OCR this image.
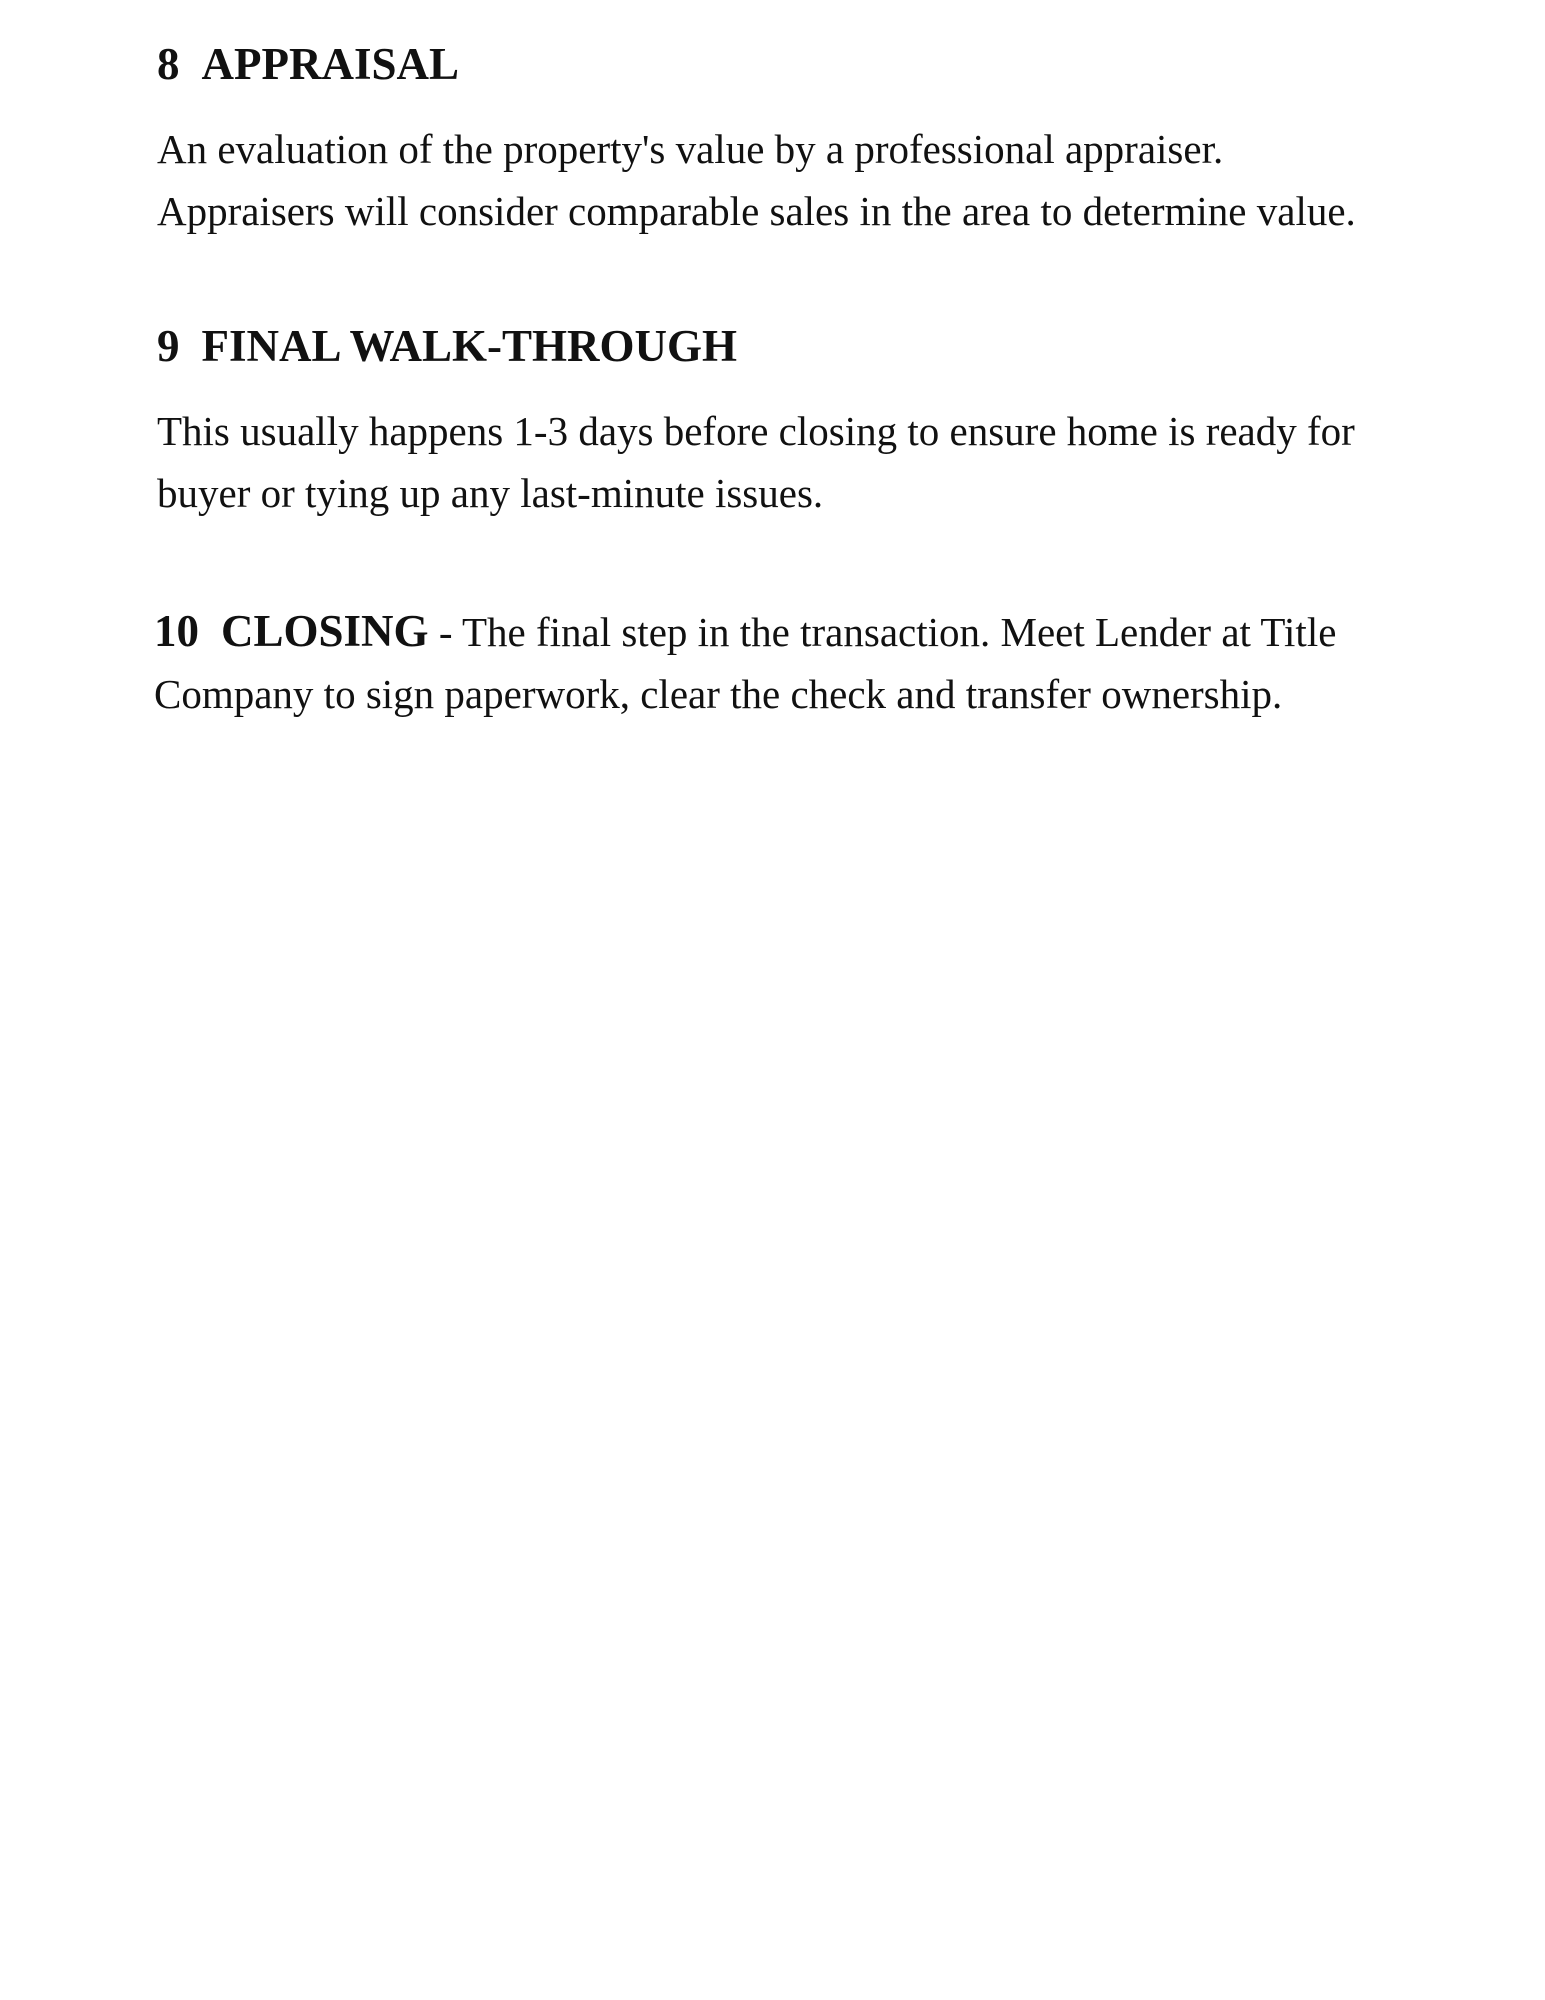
8 APPRAISAL

An evaluation of the property's value by a professional appraiser. Appraisers will consider comparable sales in the area to determine value.

9 FINAL WALK-THROUGH

This usually happens 1-3 days before closing to ensure home is ready for buyer or tying up any last-minute issues.

10 CLOSING - The final step in the transaction. Meet Lender at Title Company to sign paperwork, clear the check and transfer ownership.
